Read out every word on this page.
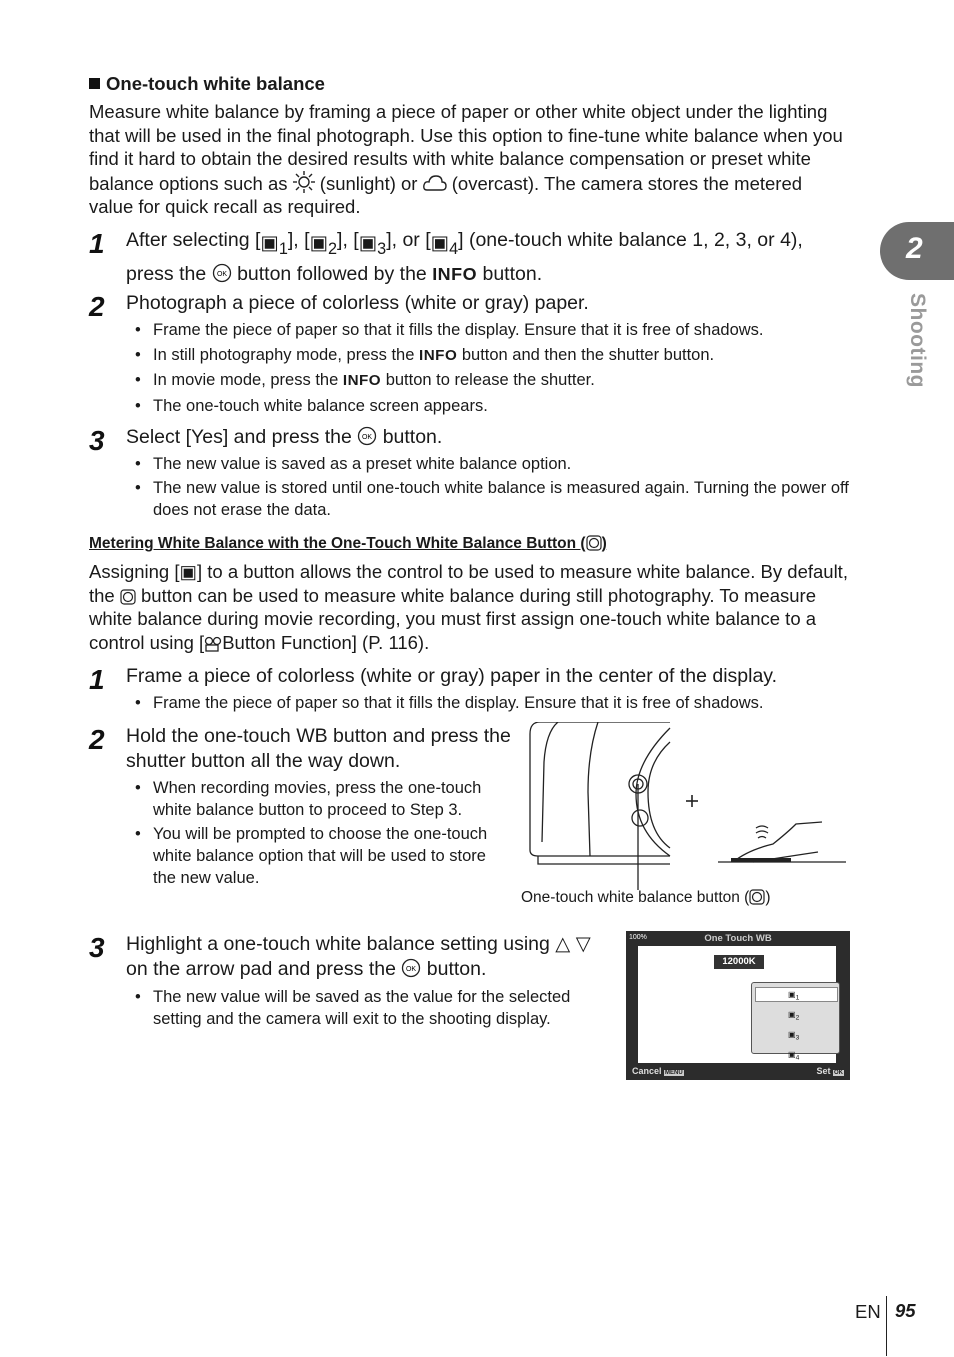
2
Shooting
One-touch white balance
Measure white balance by framing a piece of paper or other white object under the lighting that will be used in the final photograph. Use this option to fine-tune white balance when you find it hard to obtain the desired results with white balance compensation or preset white balance options such as (sunlight) or (overcast). The camera stores the metered value for quick recall as required.
1 After selecting $[▣_1]$, $[▣_2]$, $[▣_3]$, or $[▣_4]$ (one-touch white balance 1, 2, 3, or 4), press the OK button followed by the INFO button.
2 Photograph a piece of colorless (white or gray) paper.
• Frame the piece of paper so that it fills the display. Ensure that it is free of shadows.
• In still photography mode, press the INFO button and then the shutter button.
• In movie mode, press the INFO button to release the shutter.
• The one-touch white balance screen appears.
3 Select [Yes] and press the OK button.
• The new value is saved as a preset white balance option.
• The new value is stored until one-touch white balance is measured again. Turning the power off does not erase the data.
Metering White Balance with the One-Touch White Balance Button ( )
Assigning [▣] to a button allows the control to be used to measure white balance. By default, the button can be used to measure white balance during still photography. To measure white balance during movie recording, you must first assign one-touch white balance to a control using [ Button Function] (P. 116).
1 Frame a piece of colorless (white or gray) paper in the center of the display.
• Frame the piece of paper so that it fills the display. Ensure that it is free of shadows.
2 Hold the one-touch WB button and press the shutter button all the way down.
• When recording movies, press the one-touch white balance button to proceed to Step 3.
• You will be prompted to choose the one-touch white balance option that will be used to store the new value.
One-touch white balance button ( )
3 Highlight a one-touch white balance setting using △ ▽ on the arrow pad and press the OK button.
• The new value will be saved as the value for the selected setting and the camera will exit to the shooting display.
100%	One Touch WB
12000K
$▣_1$
$▣_2$
$▣_3$
$▣_4$
Cancel MENU	Set OK
EN 95
